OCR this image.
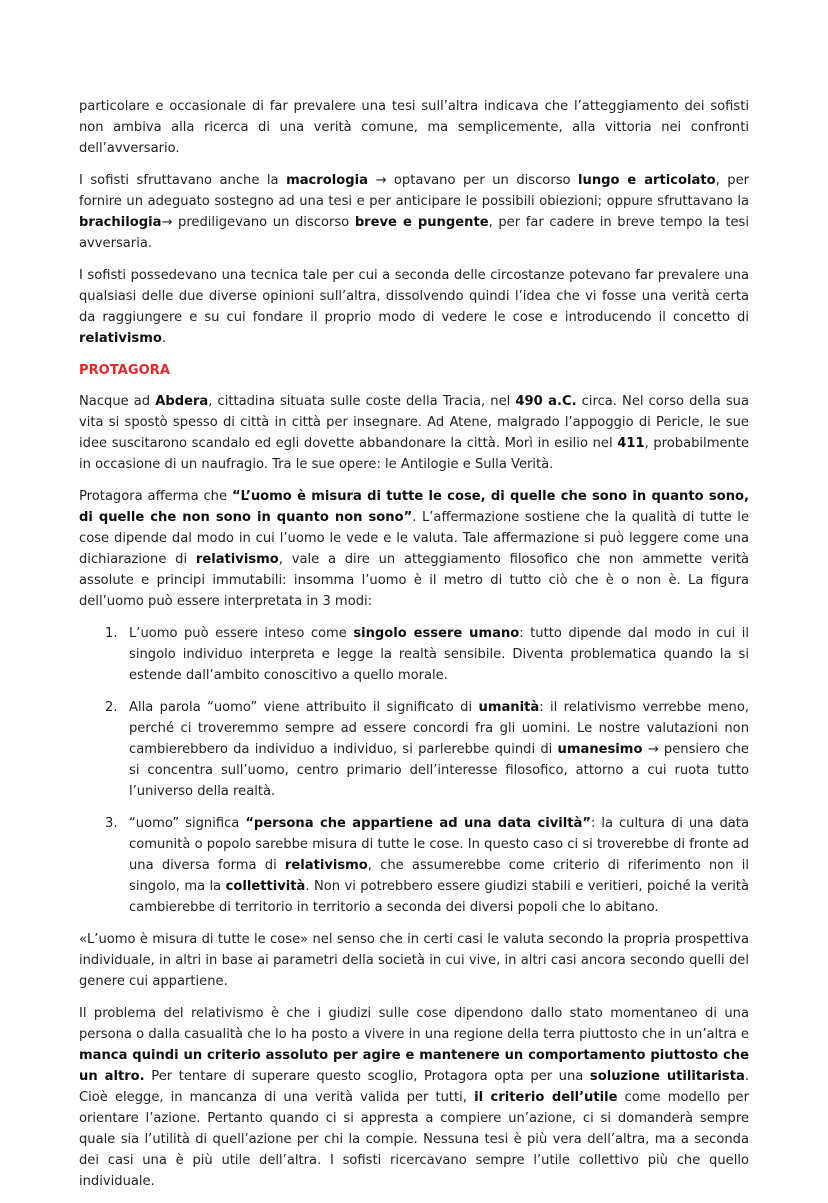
particolare e occasionale di far prevalere una tesi sull’altra indicava che l’atteggiamento dei sofisti non ambiva alla ricerca di una verità comune, ma semplicemente, alla vittoria nei confronti dell’avversario.

I sofisti sfruttavano anche la macrologia → optavano per un discorso lungo e articolato, per fornire un adeguato sostegno ad una tesi e per anticipare le possibili obiezioni; oppure sfruttavano la brachilogia→ prediligevano un discorso breve e pungente, per far cadere in breve tempo la tesi avversaria.

I sofisti possedevano una tecnica tale per cui a seconda delle circostanze potevano far prevalere una qualsiasi delle due diverse opinioni sull’altra, dissolvendo quindi l’idea che vi fosse una verità certa da raggiungere e su cui fondare il proprio modo di vedere le cose e introducendo il concetto di relativismo.

PROTAGORA

Nacque ad Abdera, cittadina situata sulle coste della Tracia, nel 490 a.C. circa. Nel corso della sua vita si spostò spesso di città in città per insegnare. Ad Atene, malgrado l’appoggio di Pericle, le sue idee suscitarono scandalo ed egli dovette abbandonare la città. Morì in esilio nel 411, probabilmente in occasione di un naufragio. Tra le sue opere: le Antilogie e Sulla Verità.

Protagora afferma che “L’uomo è misura di tutte le cose, di quelle che sono in quanto sono, di quelle che non sono in quanto non sono”. L’affermazione sostiene che la qualità di tutte le cose dipende dal modo in cui l’uomo le vede e le valuta. Tale affermazione si può leggere come una dichiarazione di relativismo, vale a dire un atteggiamento filosofico che non ammette verità assolute e principi immutabili: insomma l’uomo è il metro di tutto ciò che è o non è. La figura dell’uomo può essere interpretata in 3 modi:

1. L’uomo può essere inteso come singolo essere umano: tutto dipende dal modo in cui il singolo individuo interpreta e legge la realtà sensibile. Diventa problematica quando la si estende dall’ambito conoscitivo a quello morale.
2. Alla parola “uomo” viene attribuito il significato di umanità: il relativismo verrebbe meno, perché ci troveremmo sempre ad essere concordi fra gli uomini. Le nostre valutazioni non cambierebbero da individuo a individuo, si parlerebbe quindi di umanesimo → pensiero che si concentra sull’uomo, centro primario dell’interesse filosofico, attorno a cui ruota tutto l’universo della realtà.
3. “uomo” significa “persona che appartiene ad una data civiltà”: la cultura di una data comunità o popolo sarebbe misura di tutte le cose. In questo caso ci si troverebbe di fronte ad una diversa forma di relativismo, che assumerebbe come criterio di riferimento non il singolo, ma la collettività. Non vi potrebbero essere giudizi stabili e veritieri, poiché la verità cambierebbe di territorio in territorio a seconda dei diversi popoli che lo abitano.

«L’uomo è misura di tutte le cose» nel senso che in certi casi le valuta secondo la propria prospettiva individuale, in altri in base ai parametri della società in cui vive, in altri casi ancora secondo quelli del genere cui appartiene.

Il problema del relativismo è che i giudizi sulle cose dipendono dallo stato momentaneo di una persona o dalla casualità che lo ha posto a vivere in una regione della terra piuttosto che in un’altra e manca quindi un criterio assoluto per agire e mantenere un comportamento piuttosto che un altro. Per tentare di superare questo scoglio, Protagora opta per una soluzione utilitarista. Cioè elegge, in mancanza di una verità valida per tutti, il criterio dell’utile come modello per orientare l’azione. Pertanto quando ci si appresta a compiere un’azione, ci si domanderà sempre quale sia l’utilità di quell’azione per chi la compie. Nessuna tesi è più vera dell’altra, ma a seconda dei casi una è più utile dell’altra. I sofisti ricercavano sempre l’utile collettivo più che quello individuale.
